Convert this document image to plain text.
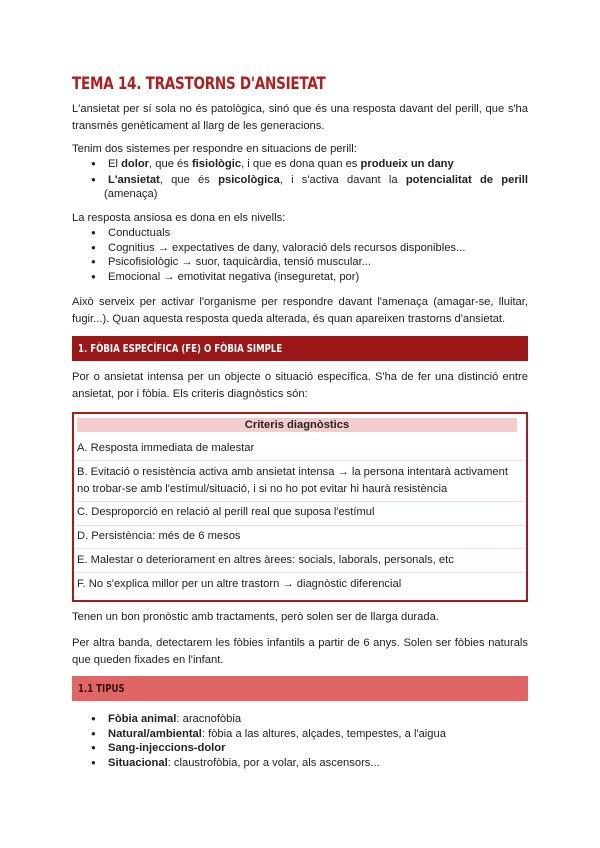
TEMA 14. TRASTORNS D'ANSIETAT

L'ansietat per sí sola no és patològica, sinó que és una resposta davant del perill, que s'ha transmès genèticament al llarg de les generacions.

Tenim dos sistemes per respondre en situacions de perill:

● El dolor, que és fisiològic, i que es dona quan es produeix un dany
● L'ansietat, que és psicològica, i s'activa davant la potencialitat de perill
(amenaça)

La resposta ansiosa es dona en els nivells:

● Conductuals
● Cognitius → expectatives de dany, valoració dels recursos disponibles...
● Psicofisiològic → suor, taquicàrdia, tensió muscular...
● Emocional → emotivitat negativa (inseguretat, por)

Això serveix per activar l'organisme per respondre davant l'amenaça (amagar-se, lluitar, fugir...). Quan aquesta resposta queda alterada, és quan apareixen trastorns d'ansietat.

1. FÒBIA ESPECÍFICA (FE) O FÒBIA SIMPLE

Por o ansietat intensa per un objecte o situació específica. S'ha de fer una distinció entre ansietat, por i fòbia. Els criteris diagnòstics són:

Criteris diagnòstics
A. Resposta immediata de malestar
B. Evitació o resistència activa amb ansietat intensa → la persona intentarà activament no trobar-se amb l'estímul/situació, i si no ho pot evitar hi haurà resistència
C. Desproporció en relació al perill real que suposa l'estímul
D. Persistència: més de 6 mesos
E. Malestar o deteriorament en altres àrees: socials, laborals, personals, etc
F. No s'explica millor per un altre trastorn → diagnòstic diferencial

Tenen un bon pronòstic amb tractaments, però solen ser de llarga durada.

Per altra banda, detectarem les fòbies infantils a partir de 6 anys. Solen ser fòbies naturals que queden fixades en l'infant.

1.1 TIPUS
● Fòbia animal: aracnofòbia
● Natural/ambiental: fòbia a las altures, alçades, tempestes, a l'aigua
● Sang-injeccions-dolor
● Situacional: claustrofòbia, por a volar, als ascensors...
